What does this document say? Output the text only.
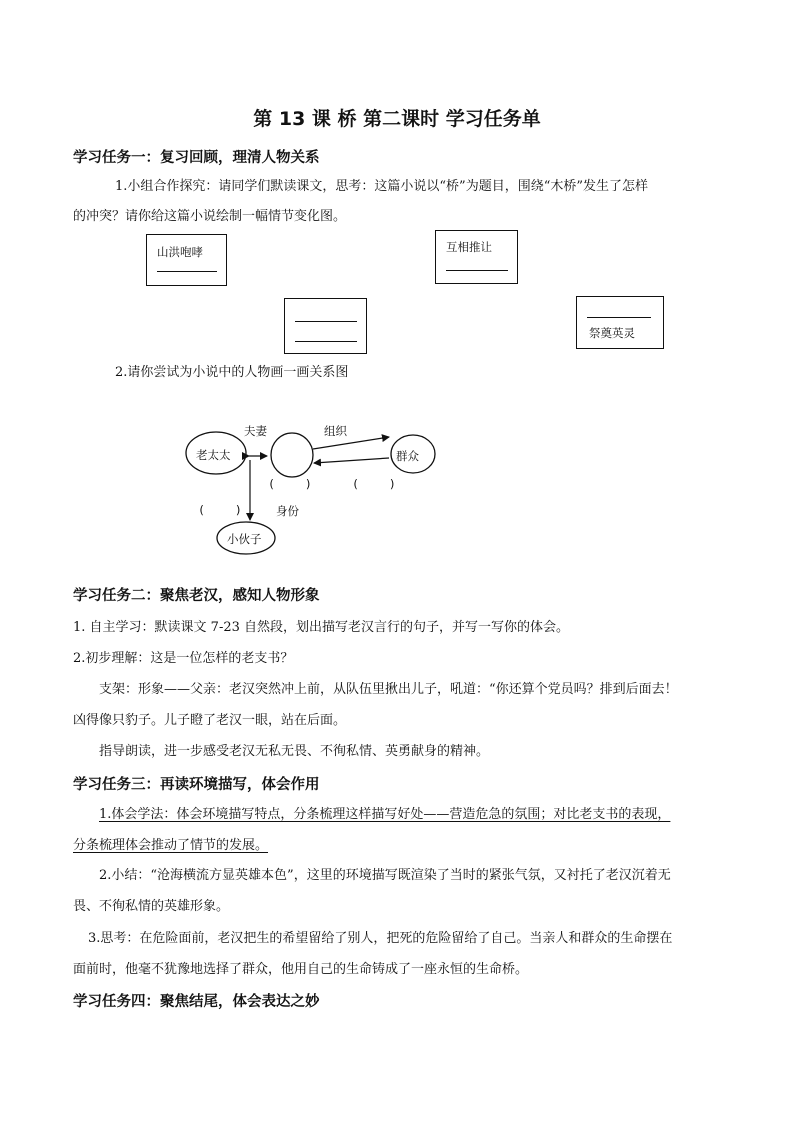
第 13 课 桥 第二课时 学习任务单
学习任务一：复习回顾，理清人物关系
1.小组合作探究：请同学们默读课文，思考：这篇小说以“桥”为题目，围绕“木桥”发生了怎样
的冲突？请你给这篇小说绘制一幅情节变化图。
山洪咆哮	互相推让
祭奠英灵
2.请你尝试为小说中的人物画一画关系图
老太太	群众
小伙子
夫妻	组织
身份
(　　 )	(　　 )
(　　 )
学习任务二：聚焦老汉，感知人物形象
1. 自主学习：默读课文 7-23 自然段，划出描写老汉言行的句子，并写一写你的体会。
2.初步理解：这是一位怎样的老支书？
支架：形象——父亲：老汉突然冲上前，从队伍里揪出儿子，吼道：“你还算个党员吗？排到后面去！
凶得像只豹子。儿子瞪了老汉一眼，站在后面。
指导朗读，进一步感受老汉无私无畏、不徇私情、英勇献身的精神。
学习任务三：再读环境描写，体会作用
1.体会学法：体会环境描写特点，分条梳理这样描写好处——营造危急的氛围；对比老支书的表现，
分条梳理体会推动了情节的发展。
2.小结：“沧海横流方显英雄本色”，这里的环境描写既渲染了当时的紧张气氛，又衬托了老汉沉着无
畏、不徇私情的英雄形象。
3.思考：在危险面前，老汉把生的希望留给了别人，把死的危险留给了自己。当亲人和群众的生命摆在
面前时，他毫不犹豫地选择了群众，他用自己的生命铸成了一座永恒的生命桥。
学习任务四：聚焦结尾，体会表达之妙
